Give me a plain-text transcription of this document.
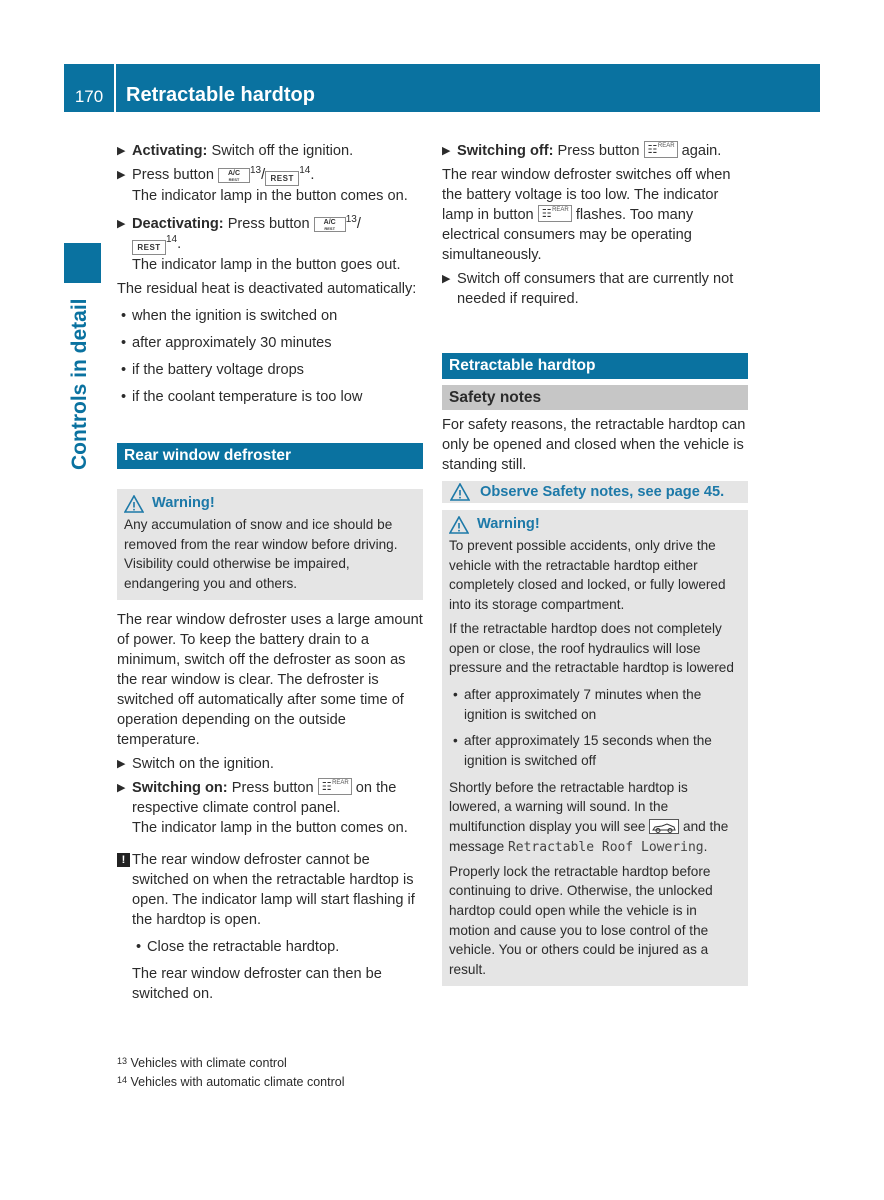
170	Retractable hardtop
Controls in detail
▶ Activating: Switch off the ignition.
▶ Press button A/C
REST
$^{13}$/ REST$^{14}$.
The indicator lamp in the button comes on.
▶ Deactivating: Press button A/C
REST
$^{13}$/
REST$^{14}$.
The indicator lamp in the button goes out.

The residual heat is deactivated automatically:

• when the ignition is switched on
• after approximately 30 minutes
• if the battery voltage drops
• if the coolant temperature is too low
Rear window defroster
Warning!

Any accumulation of snow and ice should be removed from the rear window before driving. Visibility could otherwise be impaired, endangering you and others.

The rear window defroster uses a large amount of power. To keep the battery drain to a minimum, switch off the defroster as soon as the rear window is clear. The defroster is switched off automatically after some time of operation depending on the outside temperature.

▶ Switch on the ignition.
▶ Switching on: Press button ☷ REAR on the respective climate control panel.
The indicator lamp in the button comes on.
! The rear window defroster cannot be switched on when the retractable hardtop is open. The indicator lamp will start flashing if the hardtop is open.

• Close the retractable hardtop.

The rear window defroster can then be switched on.

▶ Switching off: Press button ☷ REAR again.

The rear window defroster switches off when the battery voltage is too low. The indicator lamp in button ☷ REAR flashes. Too many electrical consumers may be operating simultaneously.

▶ Switch off consumers that are currently not needed if required.
Retractable hardtop
Safety notes

For safety reasons, the retractable hardtop can only be opened and closed when the vehicle is standing still.

Observe Safety notes, see page 45.
Warning!

To prevent possible accidents, only drive the vehicle with the retractable hardtop either completely closed and locked, or fully lowered into its storage compartment.

If the retractable hardtop does not completely open or close, the roof hydraulics will lose pressure and the retractable hardtop is lowered

• after approximately 7 minutes when the ignition is switched on
• after approximately 15 seconds when the ignition is switched off

Shortly before the retractable hardtop is lowered, a warning will sound. In the multifunction display you will see	and the message Retractable Roof Lowering.

Properly lock the retractable hardtop before continuing to drive. Otherwise, the unlocked hardtop could open while the vehicle is in motion and cause you to lose control of the vehicle. You or others could be injured as a result.

$^{13}$ Vehicles with climate control
$^{14}$ Vehicles with automatic climate control
